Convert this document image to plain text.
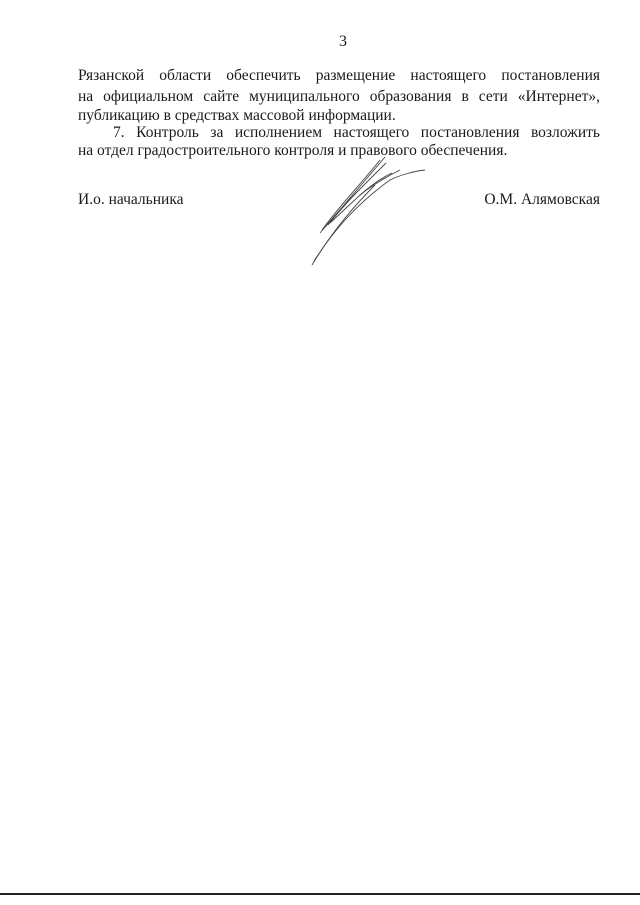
3
Рязанской области обеспечить размещение настоящего постановления
на официальном сайте муниципального образования в сети «Интернет»,
публикацию в средствах массовой информации.
7. Контроль за исполнением настоящего постановления возложить
на отдел градостроительного контроля и правового обеспечения.
И.о. начальника	О.М. Алямовская
